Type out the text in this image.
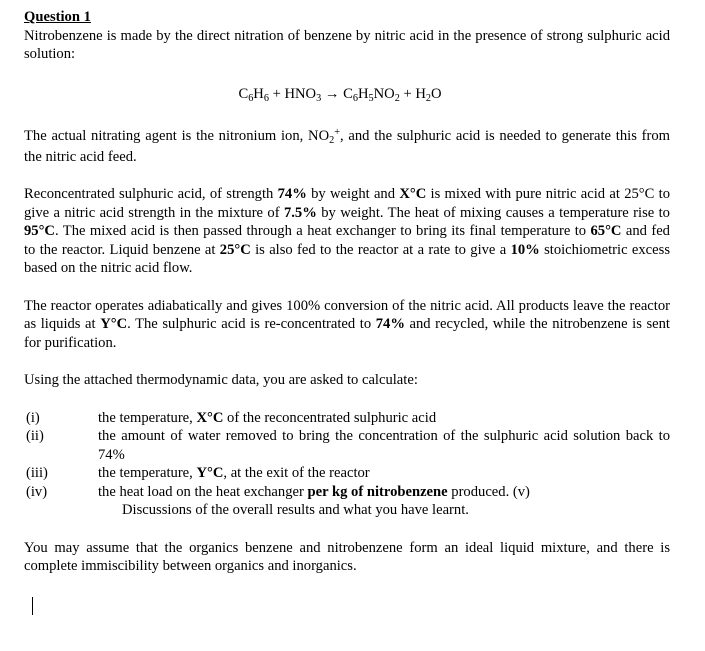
Question 1

Nitrobenzene is made by the direct nitration of benzene by nitric acid in the presence of strong sulphuric acid solution:

$C_6H_6 + HNO_3 \to C_6H_5NO_2 + H_2O$

The actual nitrating agent is the nitronium ion, $NO_2^+$, and the sulphuric acid is needed to generate this from the nitric acid feed.

Reconcentrated sulphuric acid, of strength 74% by weight and X°C is mixed with pure nitric acid at 25°C to give a nitric acid strength in the mixture of 7.5% by weight. The heat of mixing causes a temperature rise to 95°C. The mixed acid is then passed through a heat exchanger to bring its final temperature to 65°C and fed to the reactor. Liquid benzene at 25°C is also fed to the reactor at a rate to give a 10% stoichiometric excess based on the nitric acid flow.

The reactor operates adiabatically and gives 100% conversion of the nitric acid. All products leave the reactor as liquids at Y°C. The sulphuric acid is re-concentrated to 74% and recycled, while the nitrobenzene is sent for purification.

Using the attached thermodynamic data, you are asked to calculate:

(i)	the temperature, X°C of the reconcentrated sulphuric acid
(ii)	the amount of water removed to bring the concentration of the sulphuric acid solution back to 74%
(iii)	the temperature, Y°C, at the exit of the reactor
(iv)	the heat load on the heat exchanger per kg of nitrobenzene produced. (v)
Discussions of the overall results and what you have learnt.

You may assume that the organics benzene and nitrobenzene form an ideal liquid mixture, and there is complete immiscibility between organics and inorganics.
